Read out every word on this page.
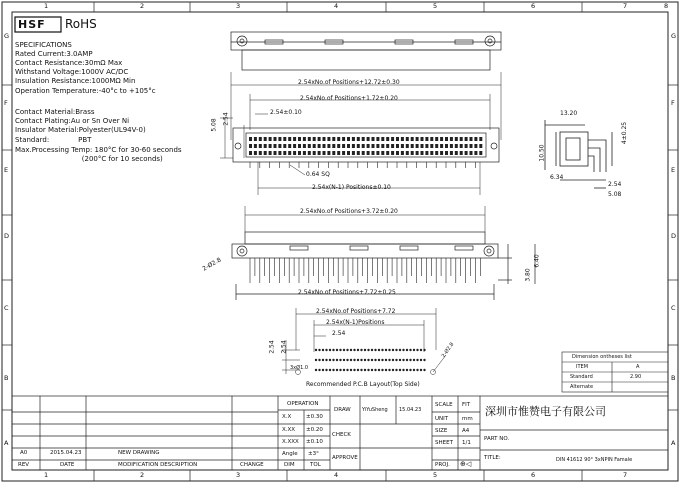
1	2	3	4	5	6	7	8
1	2	3	4	5	6	7
G
F
E
D
C
B
A
G
F
E
D
C
B
A
HSF RoHS
SPECIFICATIONS
Rated Current:3.0AMP
Contact Resistance:30mΩ Max
Withstand Voltage:1000V AC/DC
Insulation Resistance:1000MΩ Min
Operation Temperature:-40°c to +105°c
Contact Material:Brass
Contact Plating:Au or Sn Over Ni
Insulator Material:Polyester(UL94V-0)
Standard:             PBT
Max.Processing Temp: 180°C for 30-60 seconds
(200°C for 10 seconds)
2.54xNo.of Positions+12.72±0.30
2.54xNo.of Positions+1.72±0.20
2.54±0.10
5.08 2.54
0.64 SQ
2.54x(N-1) Positions±0.10
2.54xNo.of Positions+3.72±0.20
2.54xNo.of Positions+7.72±0.25
2-Ø2.8
3.80
6.40
13.20
10.50
4±0.25
6.34
2.54
5.08
2.54xNo.of Positions+7.72
2.54x(N-1)Positions
2.54
2.54 2.54
3xØ1.0
2-Ø2.8
Recommended P.C.B Layout(Top Side)
Dimension ontheses list
ITEM	A
Standard	2.90
Alternate
OPERATION
X.X	±0.30
X.XX ±0.20
X.XXX ±0.10
Angle ±3°
DIM	TOL
DRAW
CHECK
APPROVE
YiYuSheng 15.04.23
SCALE FIT
UNIT	mm
SIZE	A4
SHEET 1/1
PROJ. ⊕◁
深圳市惟赞电子有限公司
PART NO.
TITLE:	DIN 41612 90° 3xNPIN Famale
A0	2015.04.23	NEW DRAWING
REV	DATE	MODIFICATION DESCRIPTION	CHANGE
